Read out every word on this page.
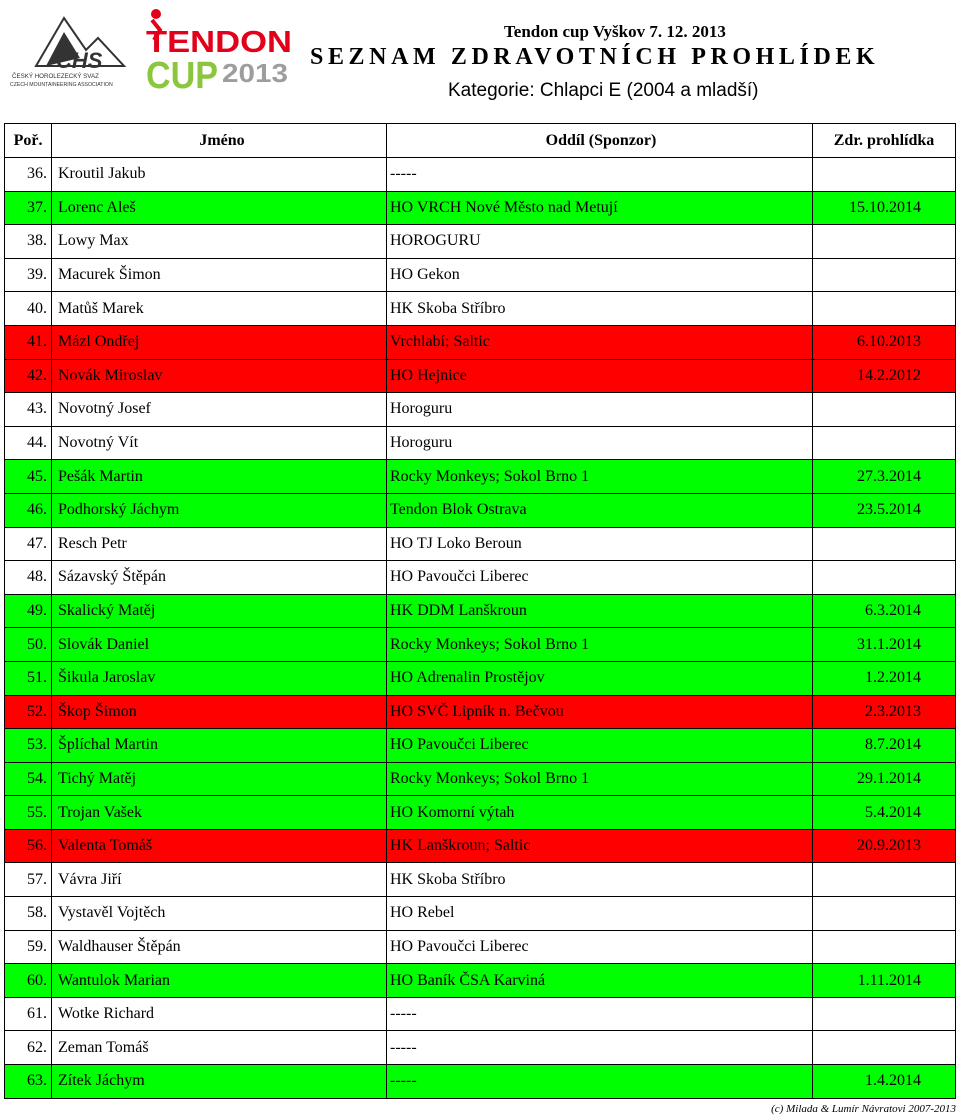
CHS
ČESKÝ HOROLEZECKÝ SVAZ
CZECH MOUNTAINEERING ASSOCIATION
TENDON
CUP 2013
Tendon cup Vyškov 7. 12. 2013
SEZNAM ZDRAVOTNÍCH PROHLÍDEK
Kategorie: Chlapci E (2004 a mladší)
Poř.	Jméno	Oddíl (Sponzor)	Zdr. prohlídka
36.	Kroutil Jakub	-----	
37.	Lorenc Aleš	HO VRCH Nové Město nad Metují	15.10.2014
38.	Lowy Max	HOROGURU	
39.	Macurek Šimon	HO Gekon	
40.	Matůš Marek	HK Skoba Stříbro	
41.	Mázl Ondřej	Vrchlabí; Saltic	6.10.2013
42.	Novák Miroslav	HO Hejnice	14.2.2012
43.	Novotný Josef	Horoguru	
44.	Novotný Vít	Horoguru	
45.	Pešák Martin	Rocky Monkeys; Sokol Brno 1	27.3.2014
46.	Podhorský Jáchym	Tendon Blok Ostrava	23.5.2014
47.	Resch Petr	HO TJ Loko Beroun	
48.	Sázavský Štěpán	HO Pavoučci Liberec	
49.	Skalický Matěj	HK DDM Lanškroun	6.3.2014
50.	Slovák Daniel	Rocky Monkeys; Sokol Brno 1	31.1.2014
51.	Šikula Jaroslav	HO Adrenalin Prostějov	1.2.2014
52.	Škop Šimon	HO SVČ Lipník n. Bečvou	2.3.2013
53.	Šplíchal Martin	HO Pavoučci Liberec	8.7.2014
54.	Tichý Matěj	Rocky Monkeys; Sokol Brno 1	29.1.2014
55.	Trojan Vašek	HO Komorní výtah	5.4.2014
56.	Valenta Tomáš	HK Lanškroun; Saltic	20.9.2013
57.	Vávra Jiří	HK Skoba Stříbro	
58.	Vystavěl Vojtěch	HO Rebel	
59.	Waldhauser Štěpán	HO Pavoučci Liberec	
60.	Wantulok Marian	HO Baník ČSA Karviná	1.11.2014
61.	Wotke Richard	-----	
62.	Zeman Tomáš	-----	
63.	Zítek Jáchym	-----	1.4.2014
(c) Milada & Lumír Návratovi 2007-2013
